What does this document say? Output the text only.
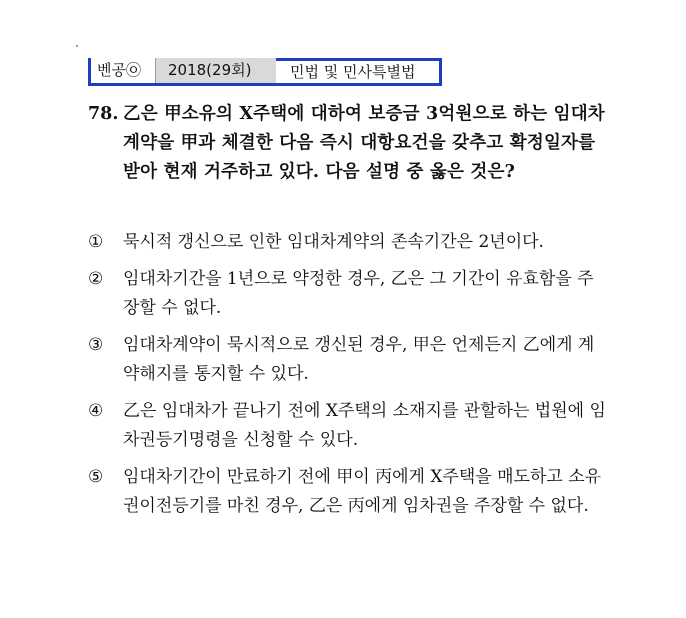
벤공㉧	2018(29회)	민법 및 민사특별법
78. 乙은 甲소유의 X주택에 대하여 보증금 3억원으로 하는 임대차계약을 甲과 체결한 다음 즉시 대항요건을 갖추고 확정일자를 받아 현재 거주하고 있다. 다음 설명 중 옳은 것은?
① 묵시적 갱신으로 인한 임대차계약의 존속기간은 2년이다.
② 임대차기간을 1년으로 약정한 경우, 乙은 그 기간이 유효함을 주장할 수 없다.
③ 임대차계약이 묵시적으로 갱신된 경우, 甲은 언제든지 乙에게 계약해지를 통지할 수 있다.
④ 乙은 임대차가 끝나기 전에 X주택의 소재지를 관할하는 법원에 임차권등기명령을 신청할 수 있다.
⑤ 임대차기간이 만료하기 전에 甲이 丙에게 X주택을 매도하고 소유권이전등기를 마친 경우, 乙은 丙에게 임차권을 주장할 수 없다.
